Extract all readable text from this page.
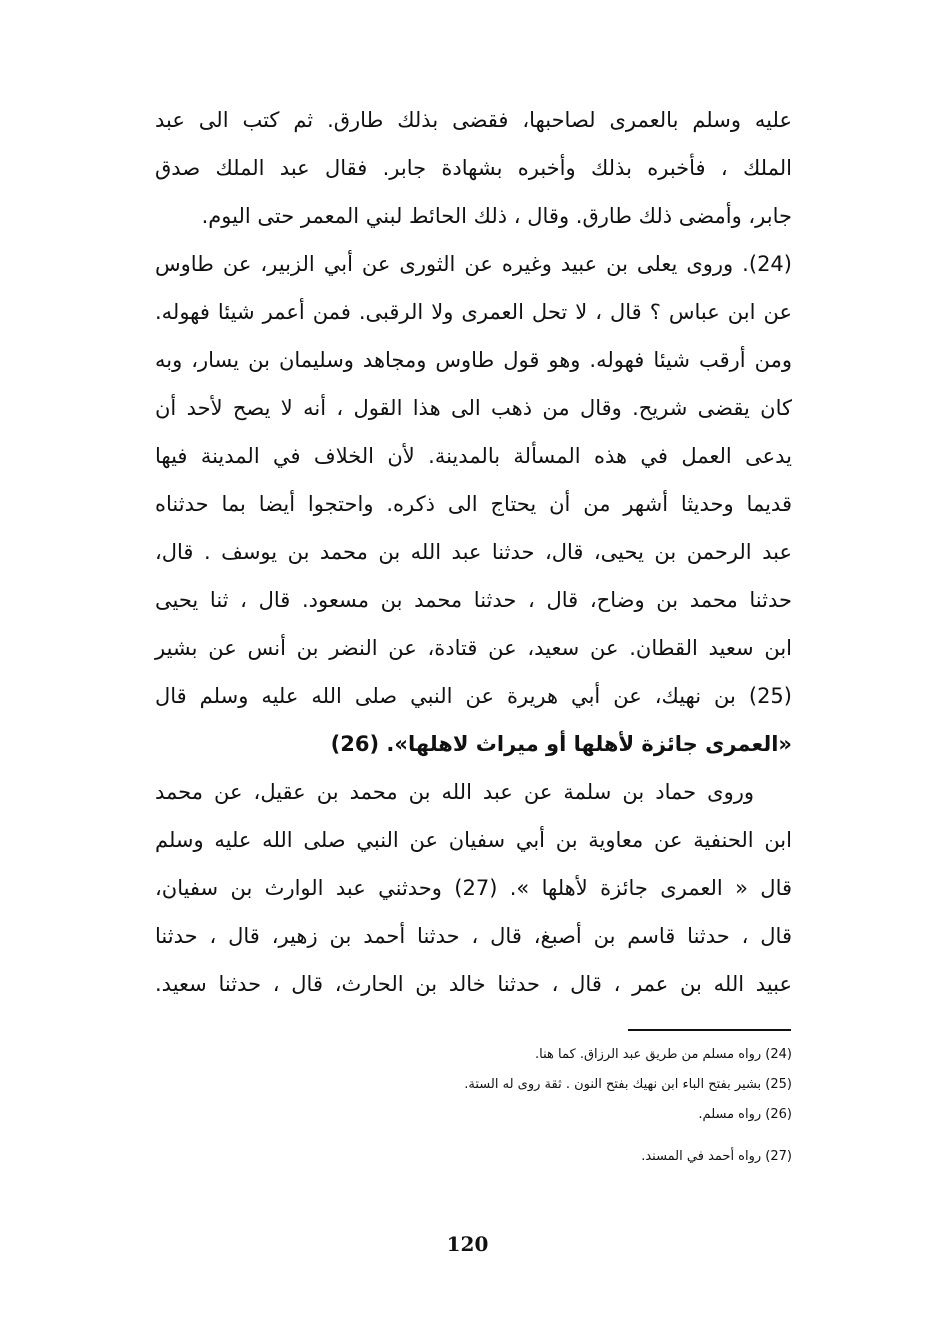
عليه وسلم بالعمرى لصاحبها، فقضى بذلك طارق. ثم كتب الى عبد
الملك ، فأخبره بذلك وأخبره بشهادة جابر. فقال عبد الملك صدق
جابر، وأمضى ذلك طارق. وقال ، ذلك الحائط لبني المعمر حتى اليوم.
(24). وروى يعلى بن عبيد وغيره عن الثورى عن أبي الزبير، عن طاوس
عن ابن عباس ؟ قال ، لا تحل العمرى ولا الرقبى. فمن أعمر شيئا فهوله.
ومن أرقب شيئا فهوله. وهو قول طاوس ومجاهد وسليمان بن يسار، وبه
كان يقضى شريح. وقال من ذهب الى هذا القول ، أنه لا يصح لأحد أن
يدعى العمل في هذه المسألة بالمدينة. لأن الخلاف في المدينة فيها
قديما وحديثا أشهر من أن يحتاج الى ذكره. واحتجوا أيضا بما حدثناه
عبد الرحمن بن يحيى، قال، حدثنا عبد الله بن محمد بن يوسف . قال،
حدثنا محمد بن وضاح، قال ، حدثنا محمد بن مسعود. قال ، ثنا يحيى
ابن سعيد القطان. عن سعيد، عن قتادة، عن النضر بن أنس عن بشير
(25) بن نهيك، عن أبي هريرة عن النبي صلى الله عليه وسلم قال
«العمرى جائزة لأهلها أو ميراث لاهلها». (26)
وروى حماد بن سلمة عن عبد الله بن محمد بن عقيل، عن محمد
ابن الحنفية عن معاوية بن أبي سفيان عن النبي صلى الله عليه وسلم
قال « العمرى جائزة لأهلها ». (27) وحدثني عبد الوارث بن سفيان،
قال ، حدثنا قاسم بن أصبغ، قال ، حدثنا أحمد بن زهير، قال ، حدثنا
عبيد الله بن عمر ، قال ، حدثنا خالد بن الحارث، قال ، حدثنا سعيد.
(24) رواه مسلم من طريق عبد الرزاق. كما هنا.
(25) بشير بفتح الباء ابن نهيك بفتح النون . ثقة روى له الستة.
(26) رواه مسلم.
(27) رواه أحمد في المسند.
120
